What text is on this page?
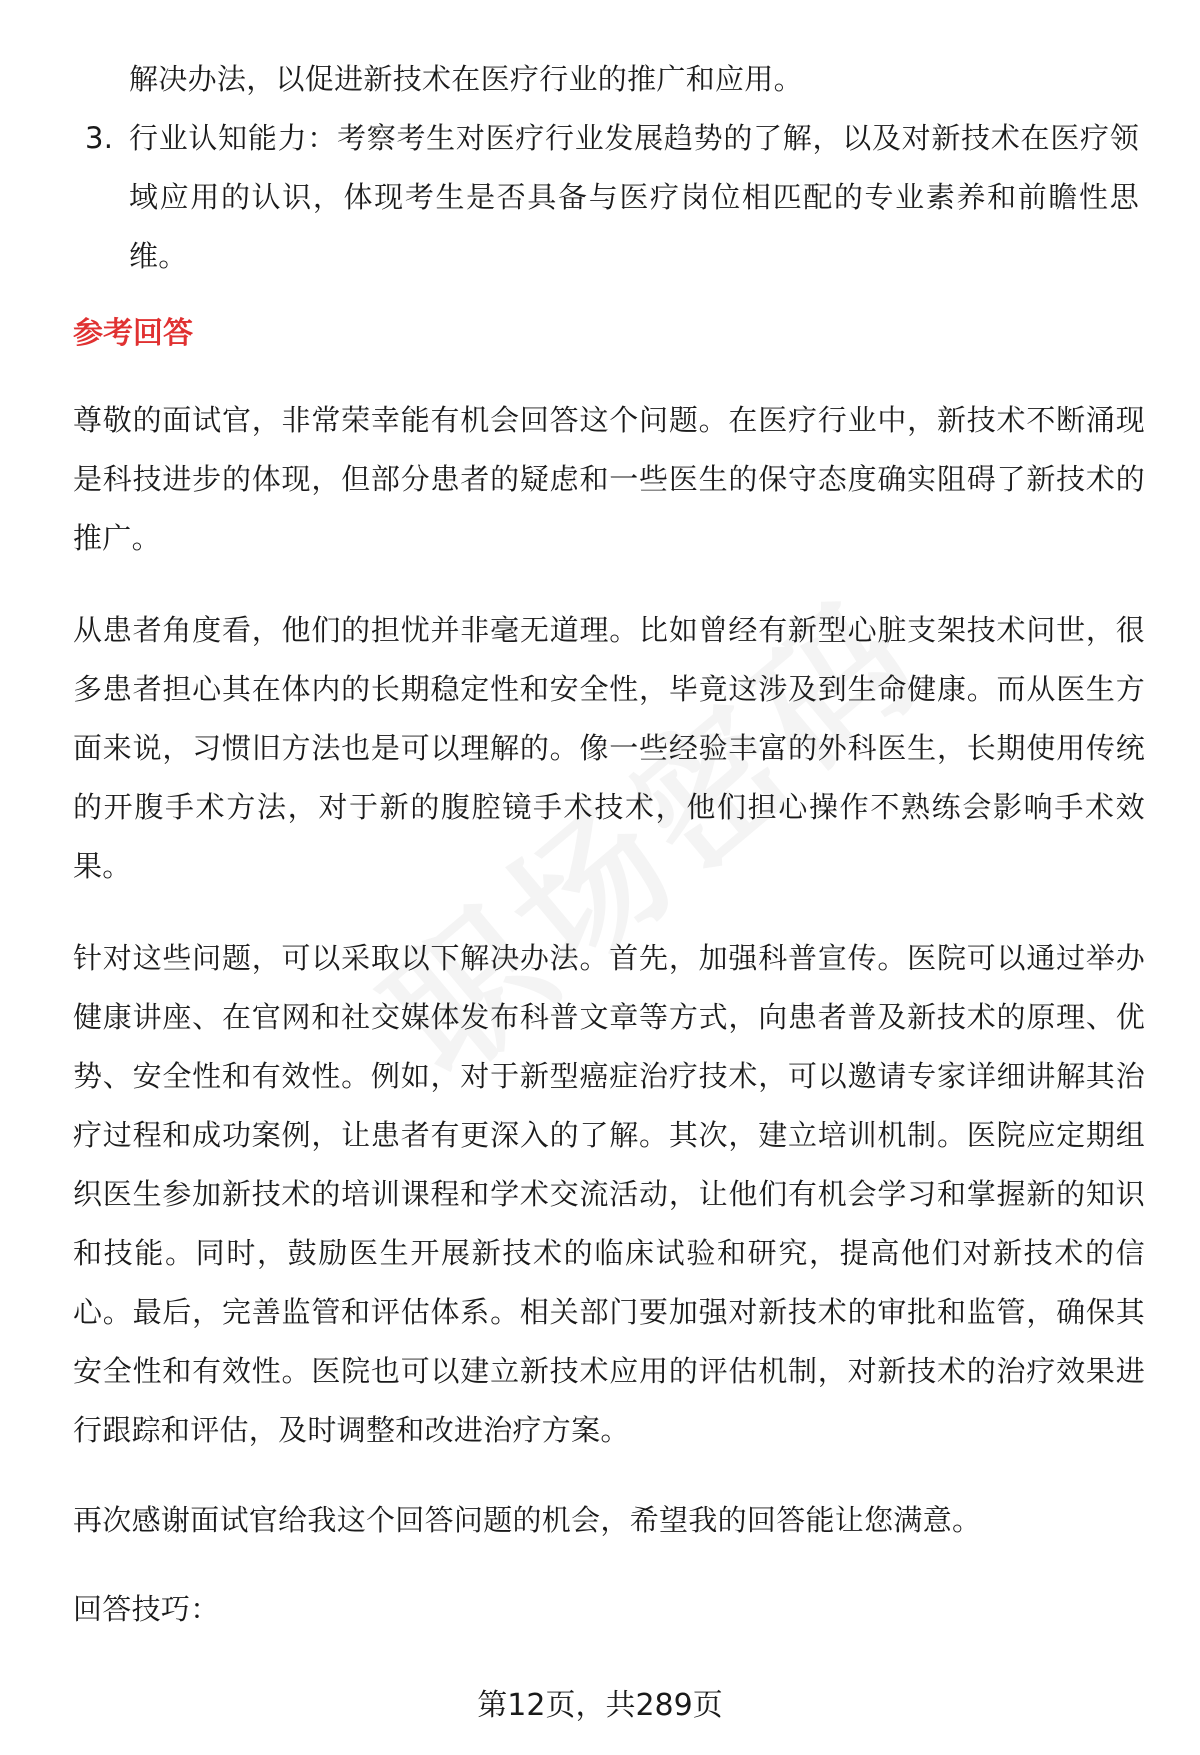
解决办法，以促进新技术在医疗行业的推广和应用。

3. 行业认知能力：考察考生对医疗行业发展趋势的了解，以及对新技术在医疗领域应用的认识，体现考生是否具备与医疗岗位相匹配的专业素养和前瞻性思维。
参考回答

尊敬的面试官，非常荣幸能有机会回答这个问题。在医疗行业中，新技术不断涌现是科技进步的体现，但部分患者的疑虑和一些医生的保守态度确实阻碍了新技术的推广。

从患者角度看，他们的担忧并非毫无道理。比如曾经有新型心脏支架技术问世，很多患者担心其在体内的长期稳定性和安全性，毕竟这涉及到生命健康。而从医生方面来说，习惯旧方法也是可以理解的。像一些经验丰富的外科医生，长期使用传统的开腹手术方法，对于新的腹腔镜手术技术，他们担心操作不熟练会影响手术效果。

针对这些问题，可以采取以下解决办法。首先，加强科普宣传。医院可以通过举办健康讲座、在官网和社交媒体发布科普文章等方式，向患者普及新技术的原理、优势、安全性和有效性。例如，对于新型癌症治疗技术，可以邀请专家详细讲解其治疗过程和成功案例，让患者有更深入的了解。其次，建立培训机制。医院应定期组织医生参加新技术的培训课程和学术交流活动，让他们有机会学习和掌握新的知识和技能。同时，鼓励医生开展新技术的临床试验和研究，提高他们对新技术的信心。最后，完善监管和评估体系。相关部门要加强对新技术的审批和监管，确保其安全性和有效性。医院也可以建立新技术应用的评估机制，对新技术的治疗效果进行跟踪和评估，及时调整和改进治疗方案。

再次感谢面试官给我这个回答问题的机会，希望我的回答能让您满意。

回答技巧：

第12页，共289页
